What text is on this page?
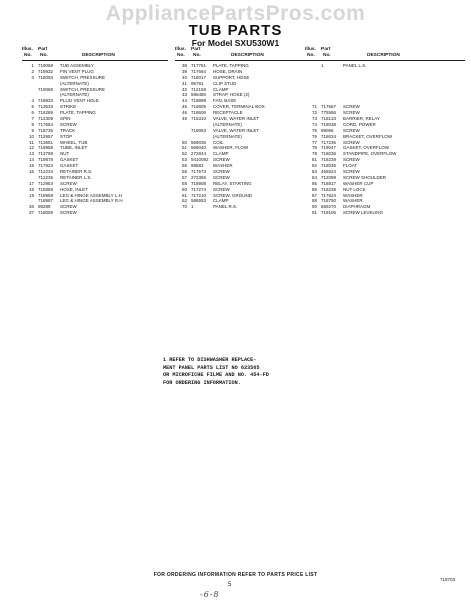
AppliancePartsPros.com
TUB PARTS
For Model SXU530W1
Illus. Part
No. No.	DESCRIPTION
1 719068 TUB ASSEMBLY
2 718932 FIN VENT PLUG
3 718093 SWITCH, PRESSURE
(ALTERNATE)
719068 SWITCH, PRESSURE
(ALTERNATE)
4 718933 PLUG VENT HOLE
5 713533 STRIKE
6 716289 PLATE, TAPPING
7 712309 SPIN
8 717554 SCREW
9 718735 TRACK
10 712957 STOP
11 713651 WHEEL, TUB
12 718958 TUBE, INLET
13 713798 NUT
14 719878 GASKET
15 717923 GASKET
16 712234 RETAINER R.S.
712235 RETAINER L.S.
17 712954 SCREW
18 715859 HOSE, INLET
19 718958 LEG & HINGE ASSEMBLY L.H
718987 LEG & HINGE ASSEMBLY R.H
36 98289 SCREW
37 718059 SCREW
Illus. Part
No. No.	DESCRIPTION
38 717761 PLATE, TAPPING
39 717664 HOSE, DRAIN
40 718017 SUPPORT, HOSE
41 95791 CLIP STUD
42 712158 CLAMP
43 596480 STRAP, HOSE (2)
44 718898 FAN, BASE
45 718605 COVER, TERMINAL BOX
46 718606 RECEPTACLE
49 715310 VALVE, WATER INLET
(ALTERNATE)
719053 VALVE, WATER INLET
(ALTERNATE)
50 569036 COIL
51 566040 WASHER, FLOW
52 272844 CLAMP
53 9410092 SCREW
55 98583 WASHER
56 717673 SCREW
57 272356 SCREW
58 718908 RELAY, STARTING
60 717274 SCREW
61 717210 SCREW, GROUND
62 586553 CLAMP
70 1	PANEL R.S.
Illus. Part
No. No.	DESCRIPTION
1	PANEL L.S.
71 717567 SCREW
72 775556 SCREW
73 718133 BARRIER, RELAY
74 719038 CORD, POWER
75 98066 SCREW
76 718034 BRACKET, OVERFLOW
77 717236 SCREW
78 719047 GASKET, OVERFLOW
79 718036 STANDPIPE, OVERFLOW
81 718238 SCREW
82 718035 FLOAT
83 455524 SCREW
84 712099 SCREW SHOULDER
85 718817 WASHER CUP
86 718239 NUT LOCK
87 717624 WASHER
88 718750 WASHER
90 569270 DIAPHRAGM
91 719106 SCREW LEVELING
1 REFER TO DISHWASHER REPLACE-
MENT PANEL PARTS LIST NO 623565
OR MICROFICHE FILME AND NO. 454-FD
FOR ORDERING INFORMATION.
FOR ORDERING INFORMATION REFER TO PARTS PRICE LIST
5
-6-8
719703
